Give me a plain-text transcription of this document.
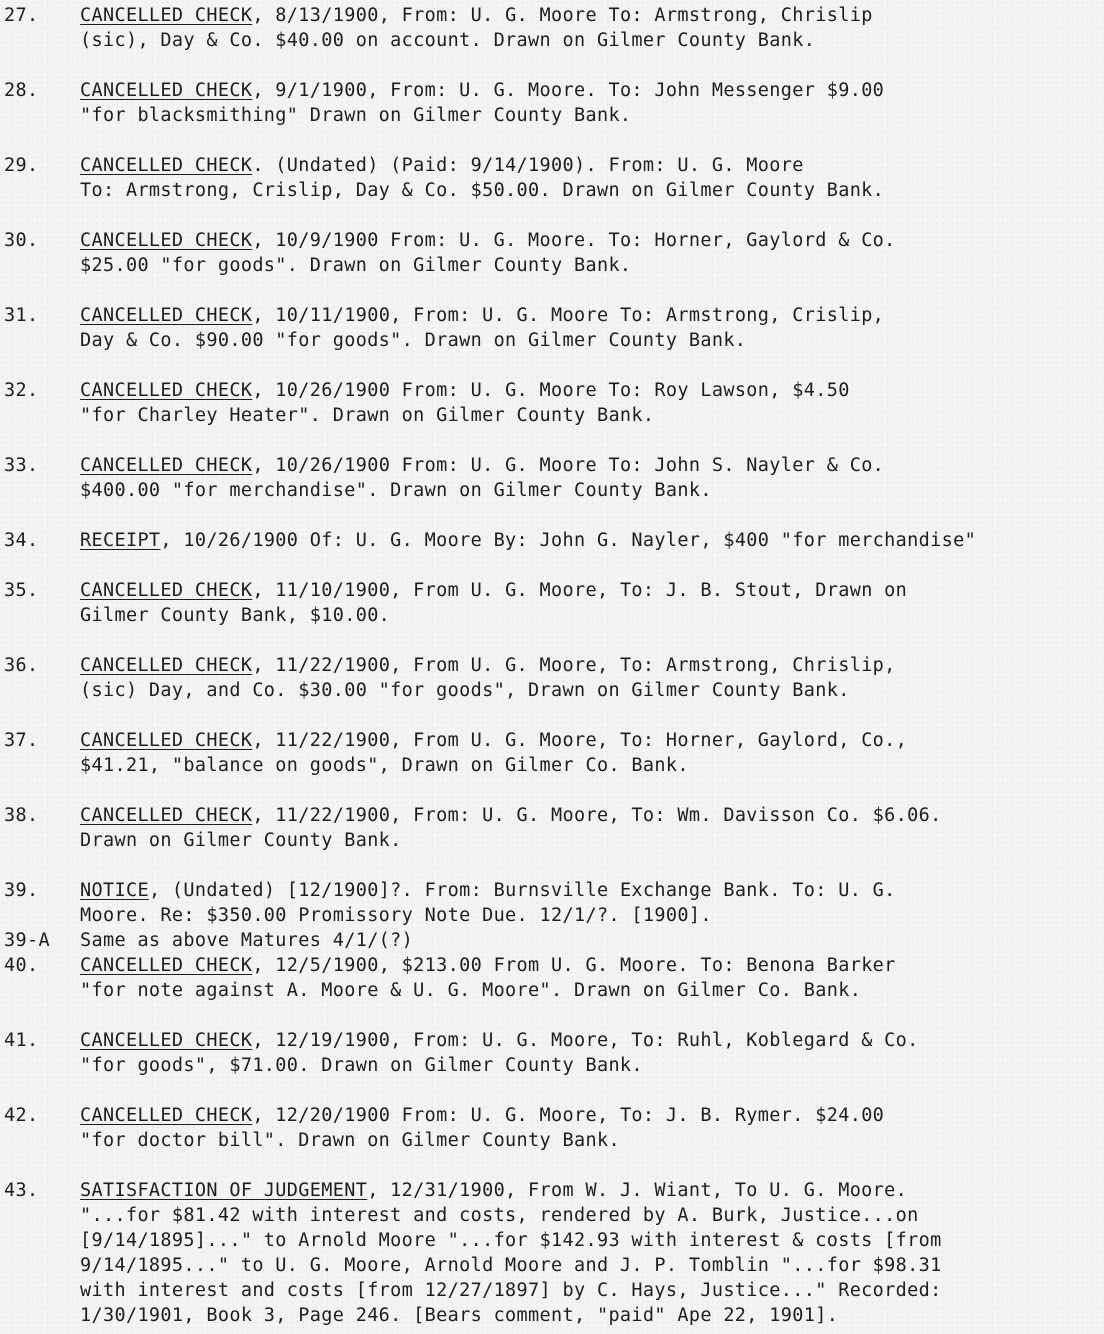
27. CANCELLED CHECK, 8/13/1900, From: U. G. Moore To: Armstrong, Chrislip
(sic), Day & Co. $40.00 on account. Drawn on Gilmer County Bank.
28. CANCELLED CHECK, 9/1/1900, From: U. G. Moore. To: John Messenger $9.00
"for blacksmithing" Drawn on Gilmer County Bank.
29. CANCELLED CHECK. (Undated) (Paid: 9/14/1900). From: U. G. Moore
To: Armstrong, Crislip, Day & Co. $50.00. Drawn on Gilmer County Bank.
30. CANCELLED CHECK, 10/9/1900 From: U. G. Moore. To: Horner, Gaylord & Co.
$25.00 "for goods". Drawn on Gilmer County Bank.
31. CANCELLED CHECK, 10/11/1900, From: U. G. Moore To: Armstrong, Crislip,
Day & Co. $90.00 "for goods". Drawn on Gilmer County Bank.
32. CANCELLED CHECK, 10/26/1900 From: U. G. Moore To: Roy Lawson, $4.50
"for Charley Heater". Drawn on Gilmer County Bank.
33. CANCELLED CHECK, 10/26/1900 From: U. G. Moore To: John S. Nayler & Co.
$400.00 "for merchandise". Drawn on Gilmer County Bank.
34. RECEIPT, 10/26/1900 Of: U. G. Moore By: John G. Nayler, $400 "for merchandise"
35. CANCELLED CHECK, 11/10/1900, From U. G. Moore, To: J. B. Stout, Drawn on
Gilmer County Bank, $10.00.
36. CANCELLED CHECK, 11/22/1900, From U. G. Moore, To: Armstrong, Chrislip,
(sic) Day, and Co. $30.00 "for goods", Drawn on Gilmer County Bank.
37. CANCELLED CHECK, 11/22/1900, From U. G. Moore, To: Horner, Gaylord, Co.,
$41.21, "balance on goods", Drawn on Gilmer Co. Bank.
38. CANCELLED CHECK, 11/22/1900, From: U. G. Moore, To: Wm. Davisson Co. $6.06.
Drawn on Gilmer County Bank.
39. NOTICE, (Undated) [12/1900]?. From: Burnsville Exchange Bank. To: U. G.
Moore. Re: $350.00 Promissory Note Due. 12/1/?. [1900].
39-A Same as above Matures 4/1/(?)
40. CANCELLED CHECK, 12/5/1900, $213.00 From U. G. Moore. To: Benona Barker
"for note against A. Moore & U. G. Moore". Drawn on Gilmer Co. Bank.
41. CANCELLED CHECK, 12/19/1900, From: U. G. Moore, To: Ruhl, Koblegard & Co.
"for goods", $71.00. Drawn on Gilmer County Bank.
42. CANCELLED CHECK, 12/20/1900 From: U. G. Moore, To: J. B. Rymer. $24.00
"for doctor bill". Drawn on Gilmer County Bank.
43. SATISFACTION OF JUDGEMENT, 12/31/1900, From W. J. Wiant, To U. G. Moore.
"...for $81.42 with interest and costs, rendered by A. Burk, Justice...on
[9/14/1895]..." to Arnold Moore "...for $142.93 with interest & costs [from
9/14/1895..." to U. G. Moore, Arnold Moore and J. P. Tomblin "...for $98.31
with interest and costs [from 12/27/1897] by C. Hays, Justice..." Recorded:
1/30/1901, Book 3, Page 246. [Bears comment, "paid" Ape 22, 1901].
